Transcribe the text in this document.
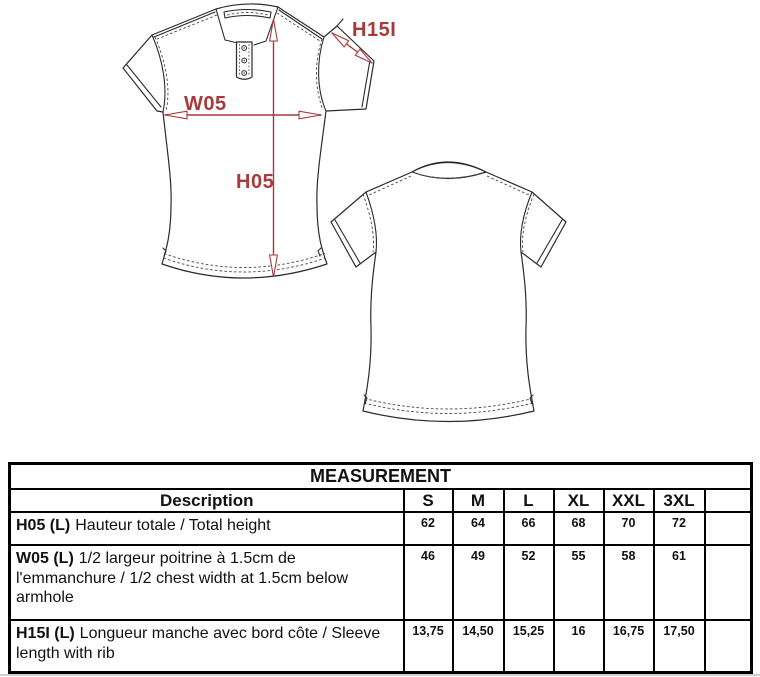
W05
H05
H15I
MEASUREMENT							
Description	S	M	L	XL	XXL	3XL	
H05 (L) Hauteur totale / Total height	62	64	66	68	70	72	
W05 (L) 1/2 largeur poitrine à 1.5cm de l'emmanchure / 1/2 chest width at 1.5cm below armhole	46	49	52	55	58	61	
H15I (L) Longueur manche avec bord côte / Sleeve length with rib	13,75	14,50	15,25	16	16,75	17,50	
